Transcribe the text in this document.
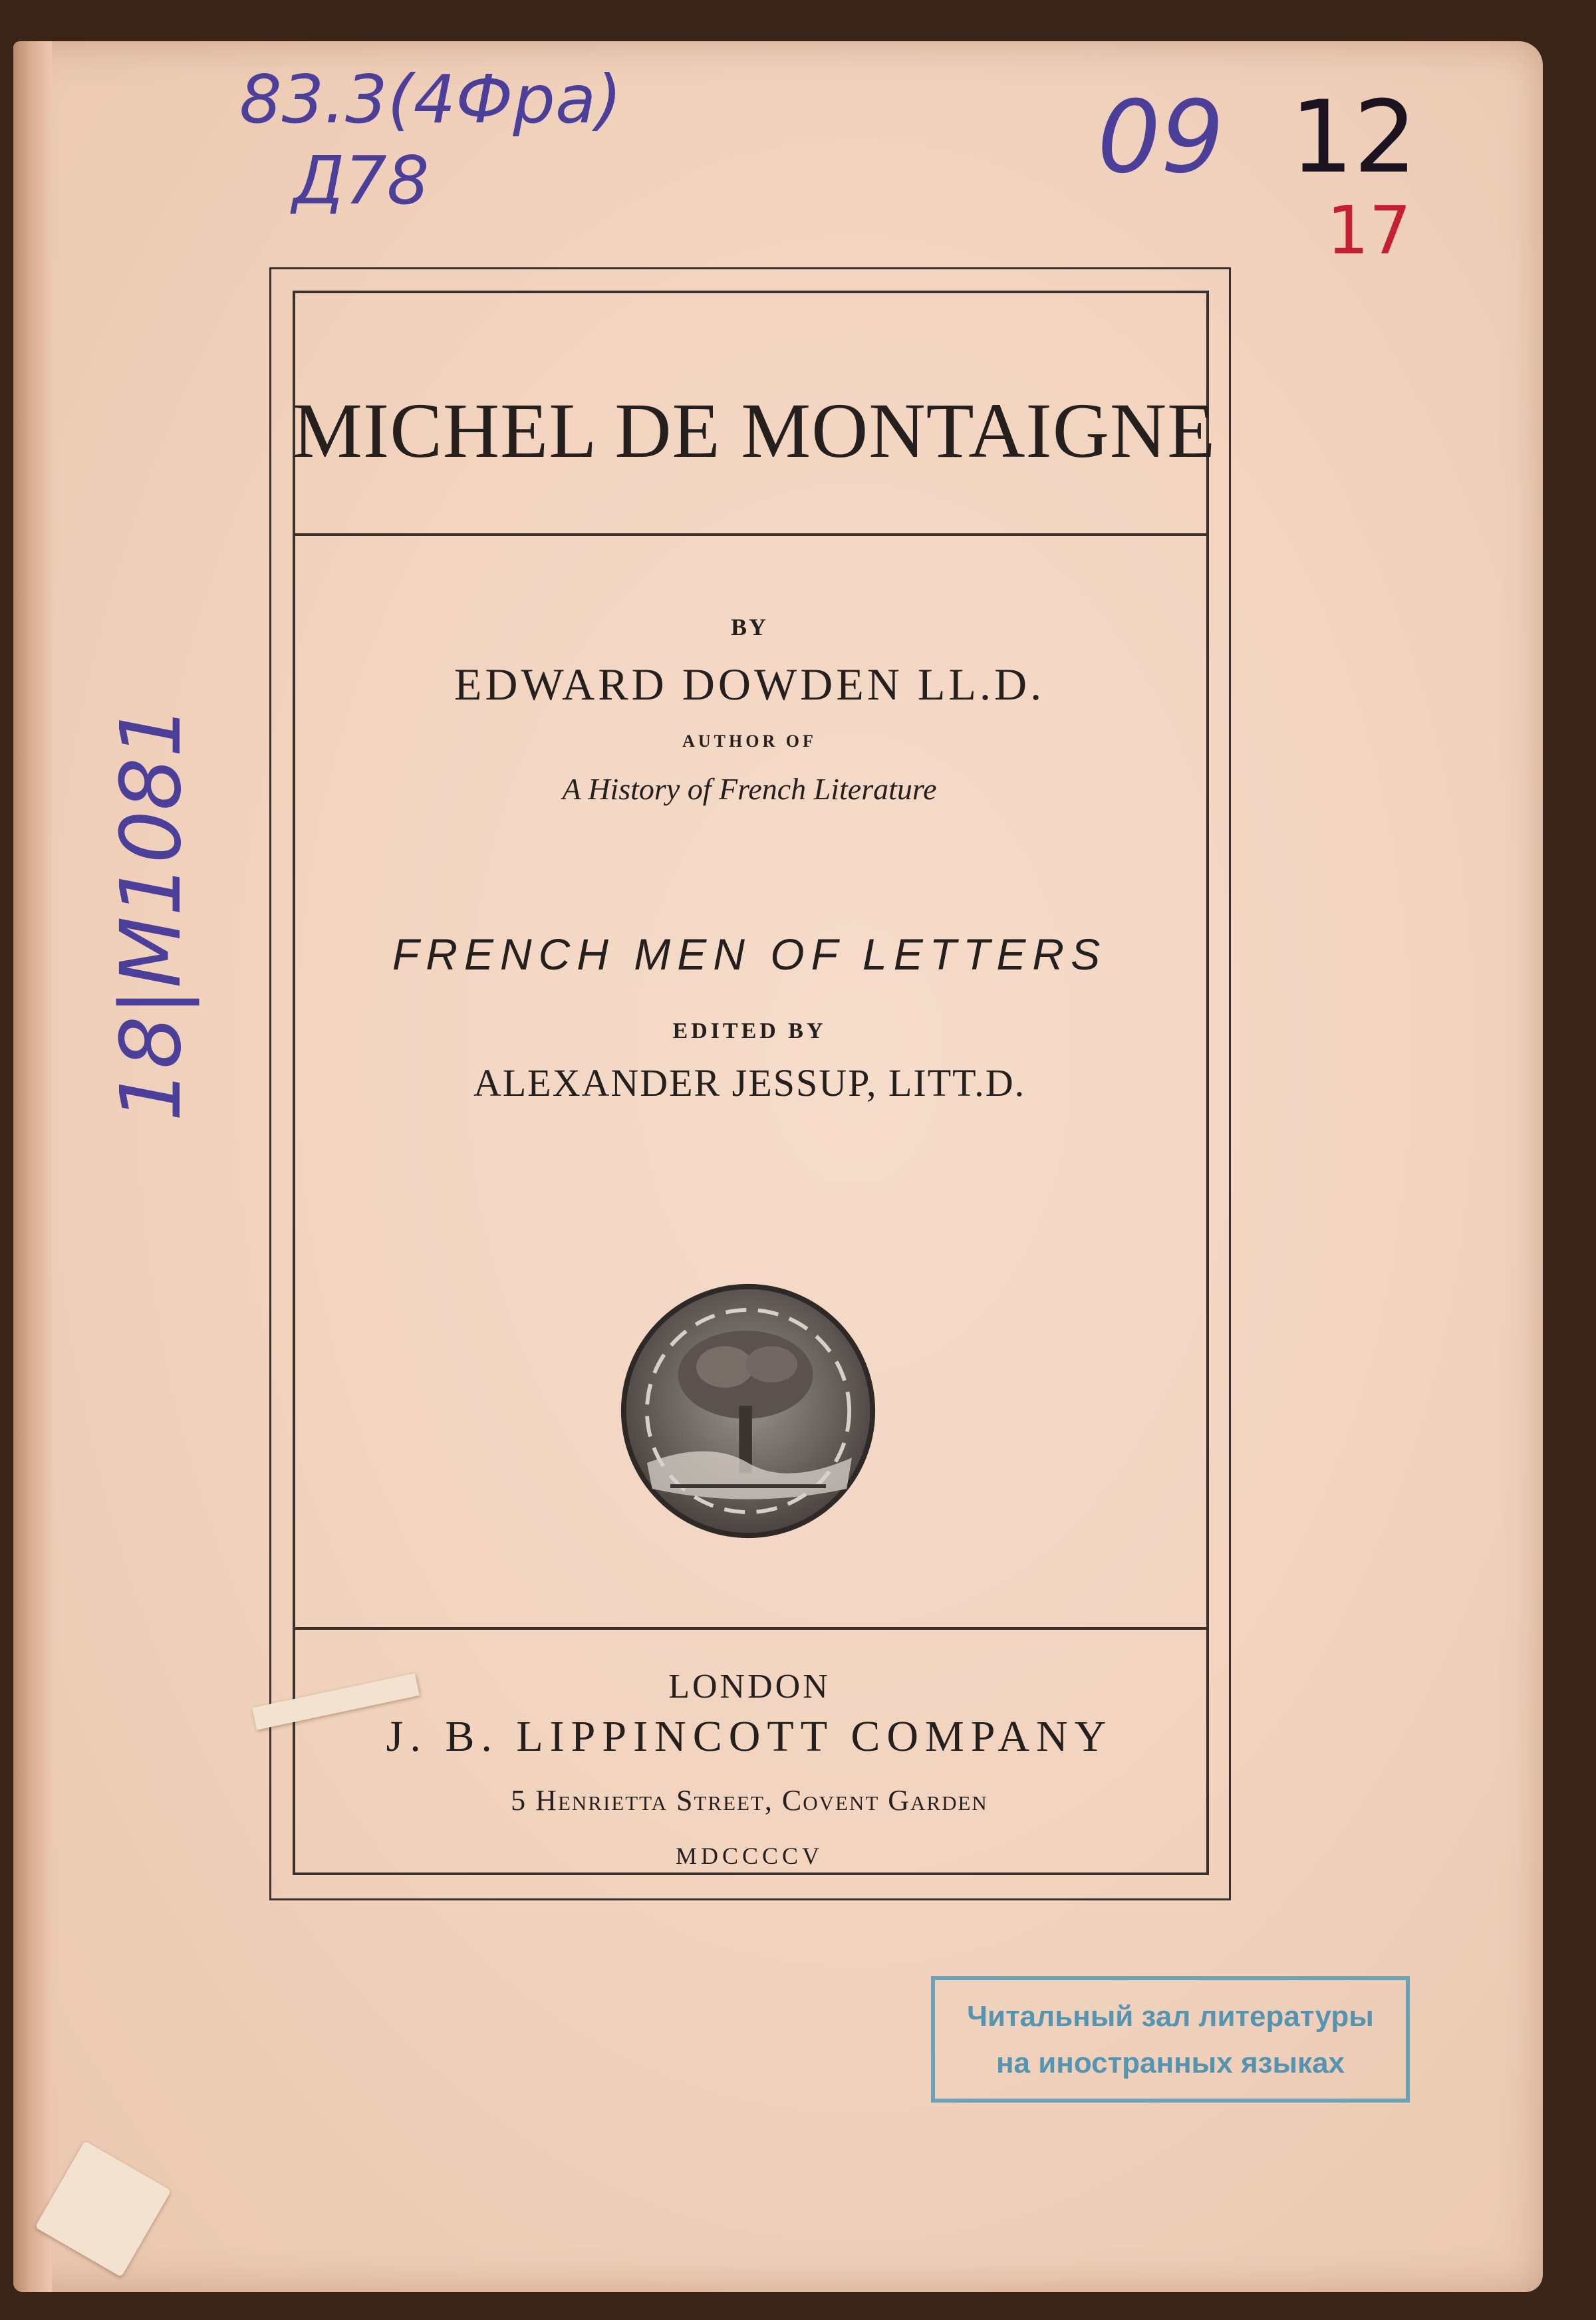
83.3(4Фра)
Д78	09 12
17
18|М1081
MICHEL DE MONTAIGNE
BY
EDWARD DOWDEN LL.D.
AUTHOR OF
A History of French Literature
FRENCH MEN OF LETTERS
EDITED BY
ALEXANDER JESSUP, LITT.D.
LONDON
J. B. LIPPINCOTT COMPANY
5 Henrietta Street, Covent Garden
MDCCCCV
Читальный зал литературы
на иностранных языках
